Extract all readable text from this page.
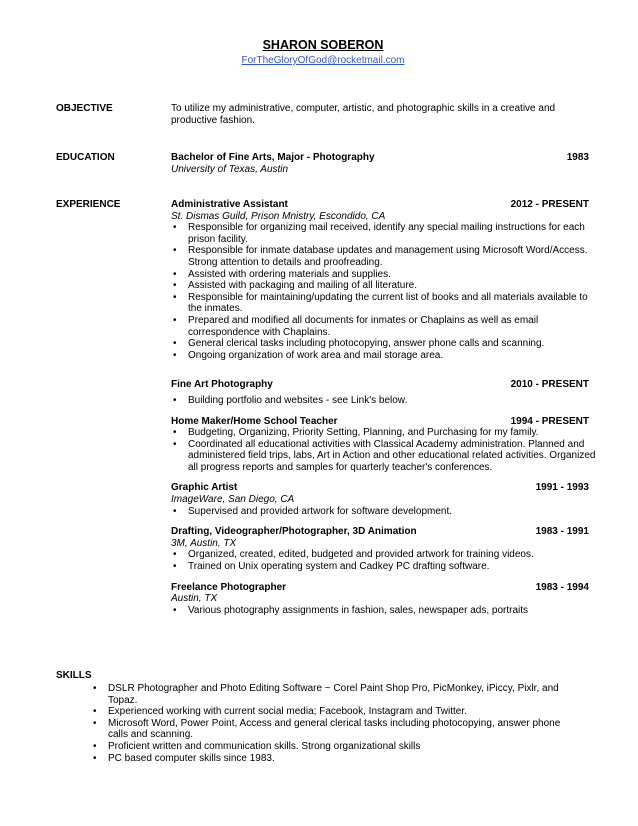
SHARON SOBERON
ForTheGloryOfGod@rocketmail.com
OBJECTIVE	To utilize my administrative, computer, artistic, and photographic skills in a creative and productive fashion.
EDUCATION	Bachelor of Fine Arts, Major - Photography	1983
University of Texas, Austin
EXPERIENCE	Administrative Assistant	2012 - PRESENT
St. Dismas Guild, Prison Mnistry, Escondido, CA
• Responsible for organizing mail received, identify any special mailing instructions for each prison facility.
• Responsible for inmate database updates and management using Microsoft Word/Access. Strong attention to details and proofreading.
• Assisted with ordering materials and supplies.
• Assisted with packaging and mailing of all literature.
• Responsible for maintaining/updating the current list of books and all materials available to the inmates.
• Prepared and modified all documents for inmates or Chaplains as well as email correspondence with Chaplains.
• General clerical tasks including photocopying, answer phone calls and scanning.
• Ongoing organization of work area and mail storage area.
Fine Art Photography	2010 - PRESENT
• Building portfolio and websites - see Link's below.
Home Maker/Home School Teacher	1994 - PRESENT
• Budgeting, Organizing, Priority Setting, Planning, and Purchasing for my family.
• Coordinated all educational activities with Classical Academy administration. Planned and administered field trips, labs, Art in Action and other educational related activities. Organized all progress reports and samples for quarterly teacher's conferences.
Graphic Artist	1991 - 1993
ImageWare, San Diego, CA
• Supervised and provided artwork for software development.
Drafting, Videographer/Photographer, 3D Animation	1983 - 1991
3M, Austin, TX
• Organized, created, edited, budgeted and provided artwork for training videos.
• Trained on Unix operating system and Cadkey PC drafting software.
Freelance Photographer	1983 - 1994
Austin, TX
• Various photography assignments in fashion, sales, newspaper ads, portraits
SKILLS
• DSLR Photographer and Photo Editing Software ~ Corel Paint Shop Pro, PicMonkey, iPiccy, Pixlr, and Topaz.
• Experienced working with current social media; Facebook, Instagram and Twitter.
• Microsoft Word, Power Point, Access and general clerical tasks including photocopying, answer phone calls and scanning.
• Proficient written and communication skills. Strong organizational skills
• PC based computer skills since 1983.
